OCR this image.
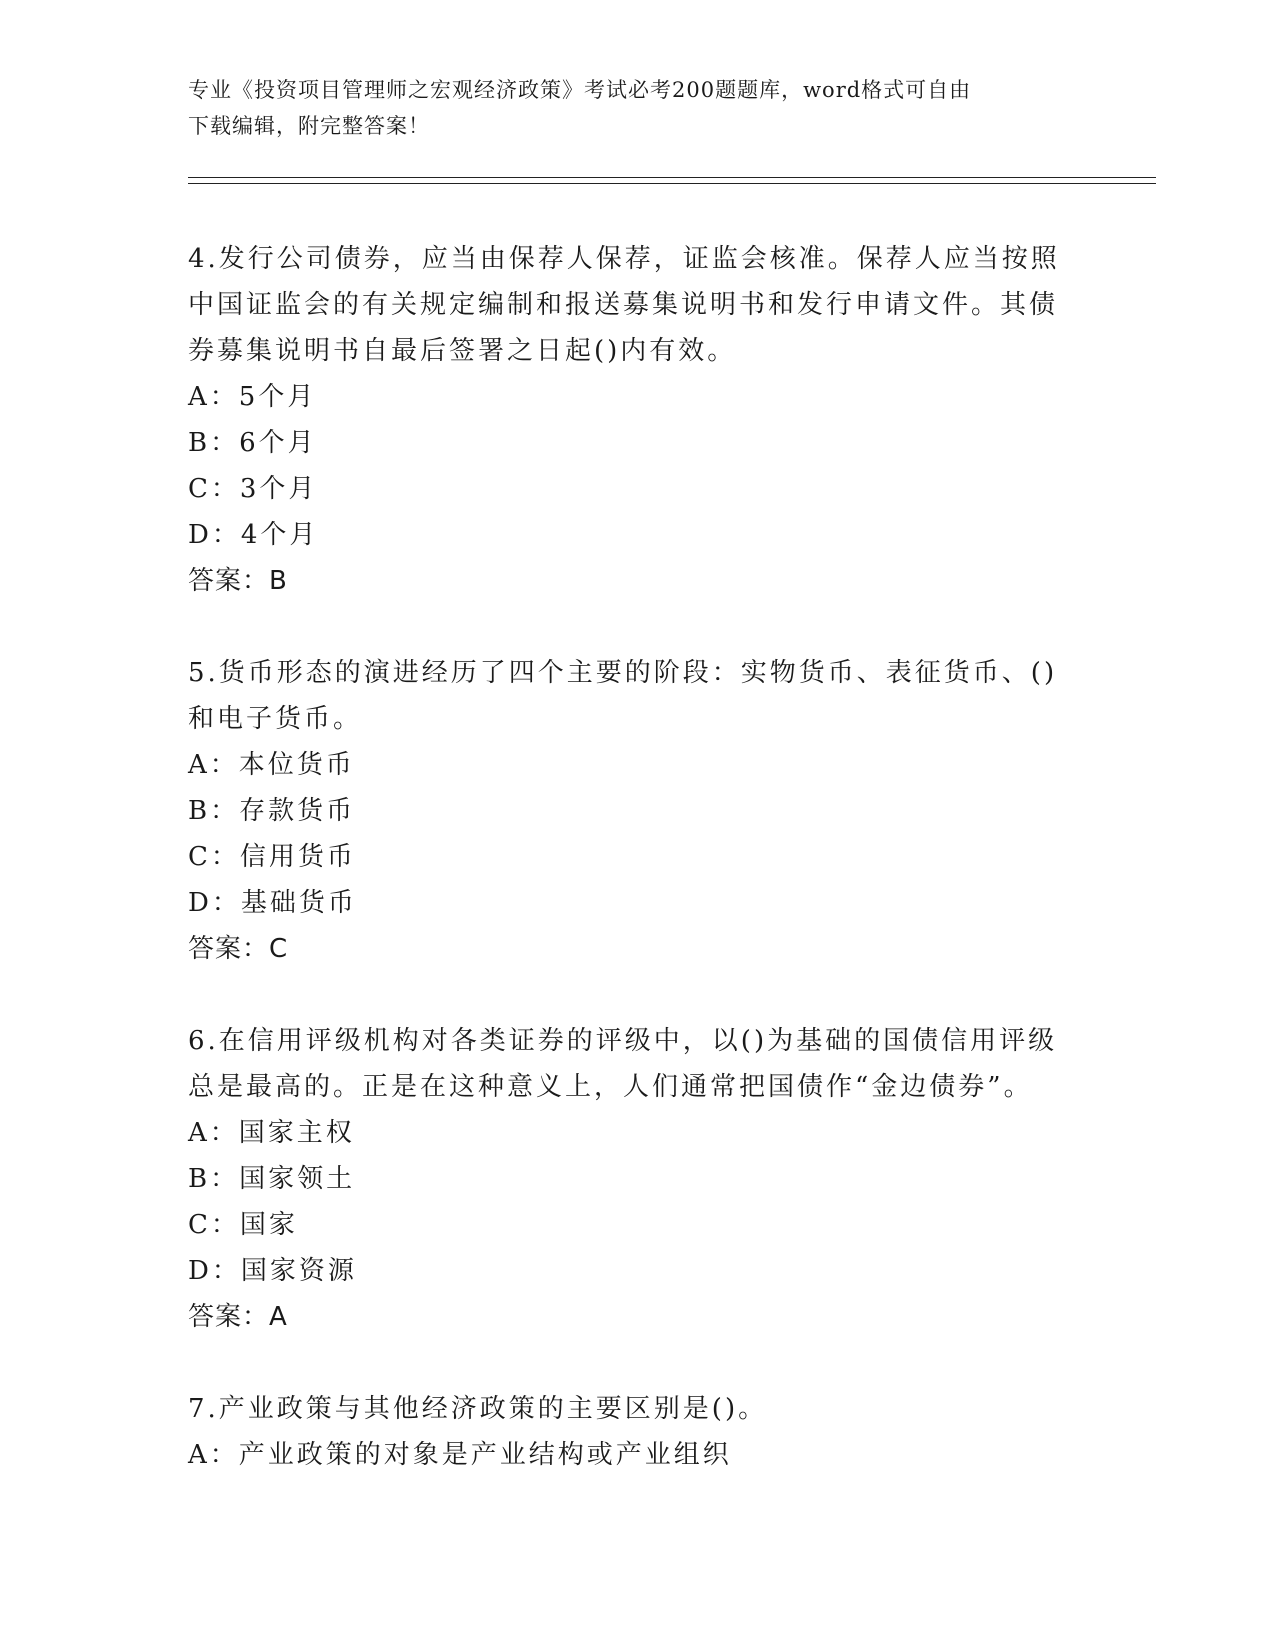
专业《投资项目管理师之宏观经济政策》考试必考200题题库，word格式可自由
下载编辑，附完整答案！
4.发行公司债券，应当由保荐人保荐，证监会核准。保荐人应当按照
中国证监会的有关规定编制和报送募集说明书和发行申请文件。其债
券募集说明书自最后签署之日起()内有效。
A：5个月
B：6个月
C：3个月
D：4个月
答案：B
5.货币形态的演进经历了四个主要的阶段：实物货币、表征货币、()
和电子货币。
A：本位货币
B：存款货币
C：信用货币
D：基础货币
答案：C
6.在信用评级机构对各类证券的评级中，以()为基础的国债信用评级
总是最高的。正是在这种意义上，人们通常把国债作“金边债券”。
A：国家主权
B：国家领土
C：国家
D：国家资源
答案：A
7.产业政策与其他经济政策的主要区别是()。
A：产业政策的对象是产业结构或产业组织
